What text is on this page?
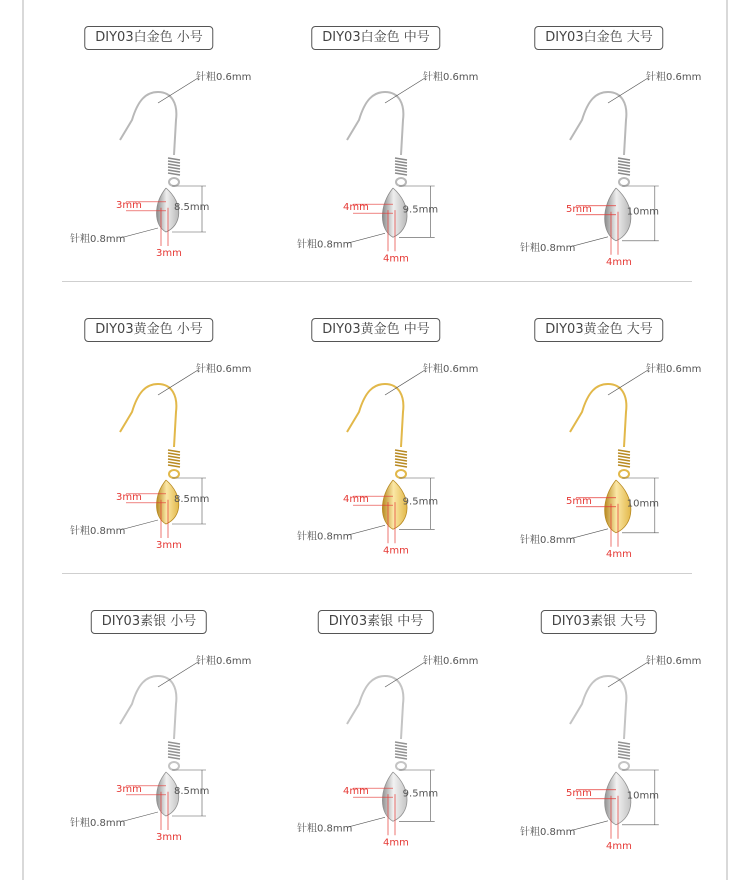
DIY03白金色 小号
针粗0.6mm
8.5mm
3mm
3mm
针粗0.8mm
DIY03白金色 中号
针粗0.6mm
9.5mm
4mm
4mm
针粗0.8mm
DIY03白金色 大号
针粗0.6mm
10mm
5mm
4mm
针粗0.8mm
DIY03黄金色 小号
针粗0.6mm
8.5mm
3mm
3mm
针粗0.8mm
DIY03黄金色 中号
针粗0.6mm
9.5mm
4mm
4mm
针粗0.8mm
DIY03黄金色 大号
针粗0.6mm
10mm
5mm
4mm
针粗0.8mm
DIY03素银 小号
针粗0.6mm
8.5mm
3mm
3mm
针粗0.8mm
DIY03素银 中号
针粗0.6mm
9.5mm
4mm
4mm
针粗0.8mm
DIY03素银 大号
针粗0.6mm
10mm
5mm
4mm
针粗0.8mm
